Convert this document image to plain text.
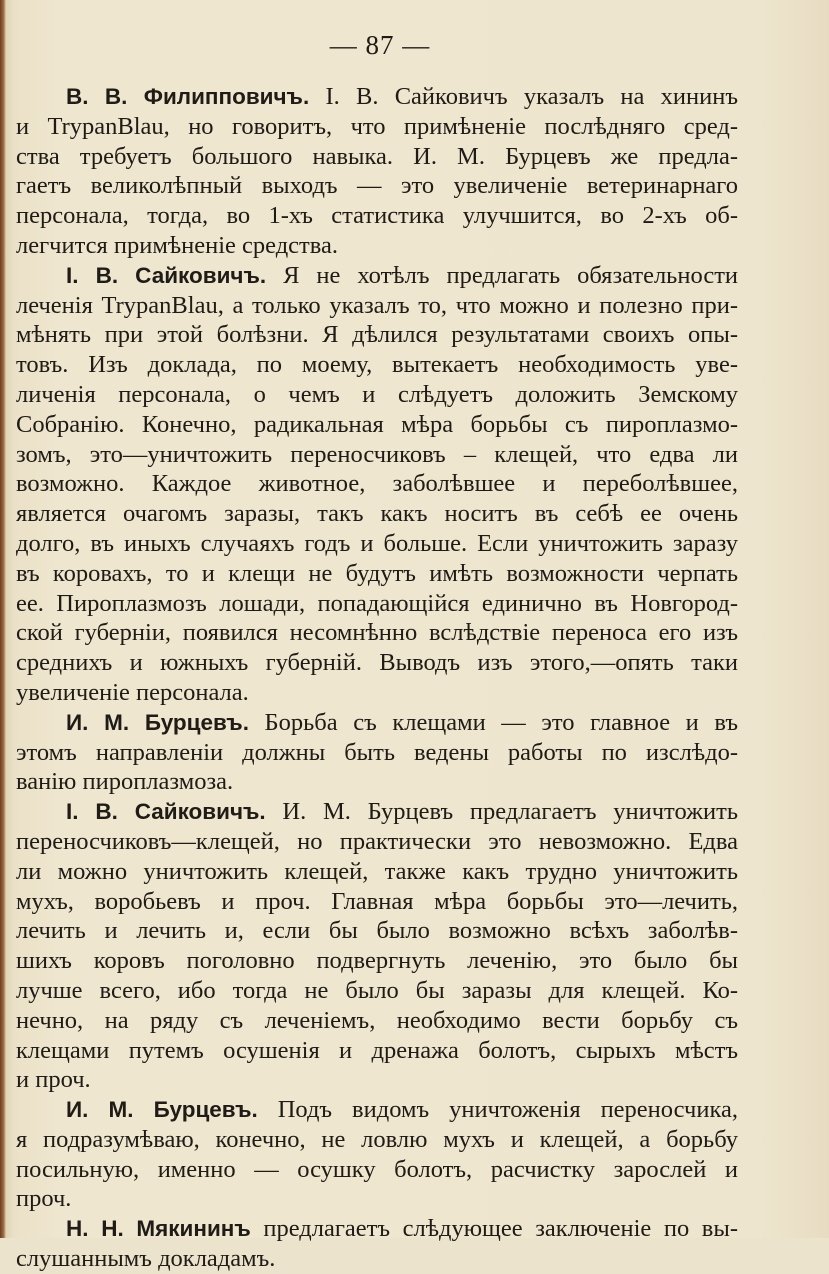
— 87 —

В. В. Филипповичъ. І. В. Сайковичъ указалъ на хининъ
и TrypanBlau, но говоритъ, что примѣненіе послѣдняго сред-
ства требуетъ большого навыка. И. М. Бурцевъ же предла-
гаетъ великолѣпный выходъ — это увеличеніе ветеринарнаго
персонала, тогда, во 1-хъ статистика улучшится, во 2-хъ об-
легчится примѣненіе средства.

І. В. Сайковичъ. Я не хотѣлъ предлагать обязательности
леченія TrypanBlau, а только указалъ то, что можно и полезно при-
мѣнять при этой болѣзни. Я дѣлился результатами своихъ опы-
товъ. Изъ доклада, по моему, вытекаетъ необходимость уве-
личенія персонала, о чемъ и слѣдуетъ доложить Земскому
Собранію. Конечно, радикальная мѣра борьбы съ пироплазмо-
зомъ, это—уничтожить переносчиковъ – клещей, что едва ли
возможно. Каждое животное, заболѣвшее и переболѣвшее,
является очагомъ заразы, такъ какъ носитъ въ себѣ ее очень
долго, въ иныхъ случаяхъ годъ и больше. Если уничтожить заразу
въ коровахъ, то и клещи не будутъ имѣть возможности черпать
ее. Пироплазмозъ лошади, попадающійся единично въ Новгород-
ской губерніи, появился несомнѣнно вслѣдствіе переноса его изъ
среднихъ и южныхъ губерній. Выводъ изъ этого,—опять таки
увеличеніе персонала.

И. М. Бурцевъ. Борьба съ клещами — это главное и въ
этомъ направленіи должны быть ведены работы по изслѣдо-
ванію пироплазмоза.

І. В. Сайковичъ. И. М. Бурцевъ предлагаетъ уничтожить
переносчиковъ—клещей, но практически это невозможно. Едва
ли можно уничтожить клещей, также какъ трудно уничтожить
мухъ, воробьевъ и проч. Главная мѣра борьбы это—лечить,
лечить и лечить и, если бы было возможно всѣхъ заболѣв-
шихъ коровъ поголовно подвергнуть леченію, это было бы
лучше всего, ибо тогда не было бы заразы для клещей. Ко-
нечно, на ряду съ леченіемъ, необходимо вести борьбу съ
клещами путемъ осушенія и дренажа болотъ, сырыхъ мѣстъ
и проч.

И. М. Бурцевъ. Подъ видомъ уничтоженія переносчика,
я подразумѣваю, конечно, не ловлю мухъ и клещей, а борьбу
посильную, именно — осушку болотъ, расчистку зарослей и
проч.

Н. Н. Мякининъ предлагаетъ слѣдующее заключеніе по вы-
слушаннымъ докладамъ.
